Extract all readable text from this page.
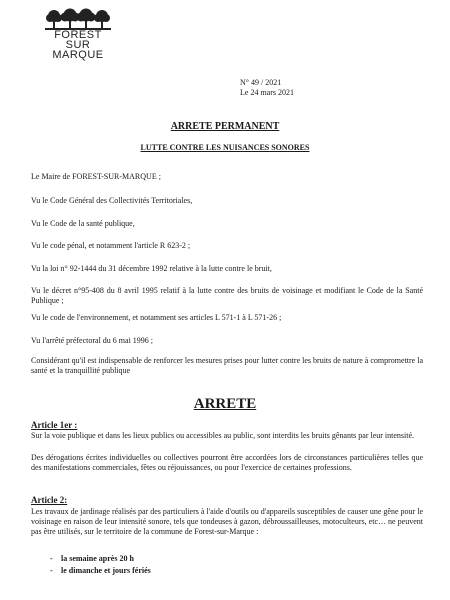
FOREST
SUR
MARQUE
N° 49 / 2021
Le 24 mars 2021
ARRETE PERMANENT
LUTTE CONTRE LES NUISANCES SONORES
Le Maire de FOREST-SUR-MARQUE ;
Vu le Code Général des Collectivités Territoriales,
Vu le Code de la santé publique,
Vu le code pénal, et notamment l'article R 623-2 ;
Vu la loi n° 92-1444 du 31 décembre 1992 relative à la lutte contre le bruit,
Vu le décret n°95-408 du 8 avril 1995 relatif à la lutte contre des bruits de voisinage et modifiant le Code de la Santé Publique ;
Vu le code de l'environnement, et notamment ses articles L 571-1 à L 571-26 ;
Vu l'arrêté préfectoral du 6 mai 1996 ;
Considérant qu'il est indispensable de renforcer les mesures prises pour lutter contre les bruits de nature à compromettre la santé et la tranquillité publique
ARRETE
Article 1er :
Sur la voie publique et dans les lieux publics ou accessibles au public, sont interdits les bruits gênants par leur intensité.
Des dérogations écrites individuelles ou collectives pourront être accordées lors de circonstances particulières telles que des manifestations commerciales, fêtes ou réjouissances, ou pour l'exercice de certaines professions.
Article 2:
Les travaux de jardinage réalisés par des particuliers à l'aide d'outils ou d'appareils susceptibles de causer une gêne pour le voisinage en raison de leur intensité sonore, tels que tondeuses à gazon, débroussailleuses, motoculteurs, etc… ne peuvent pas être utilisés, sur le territoire de la commune de Forest-sur-Marque :
- la semaine après 20 h
- le dimanche et jours fériés
